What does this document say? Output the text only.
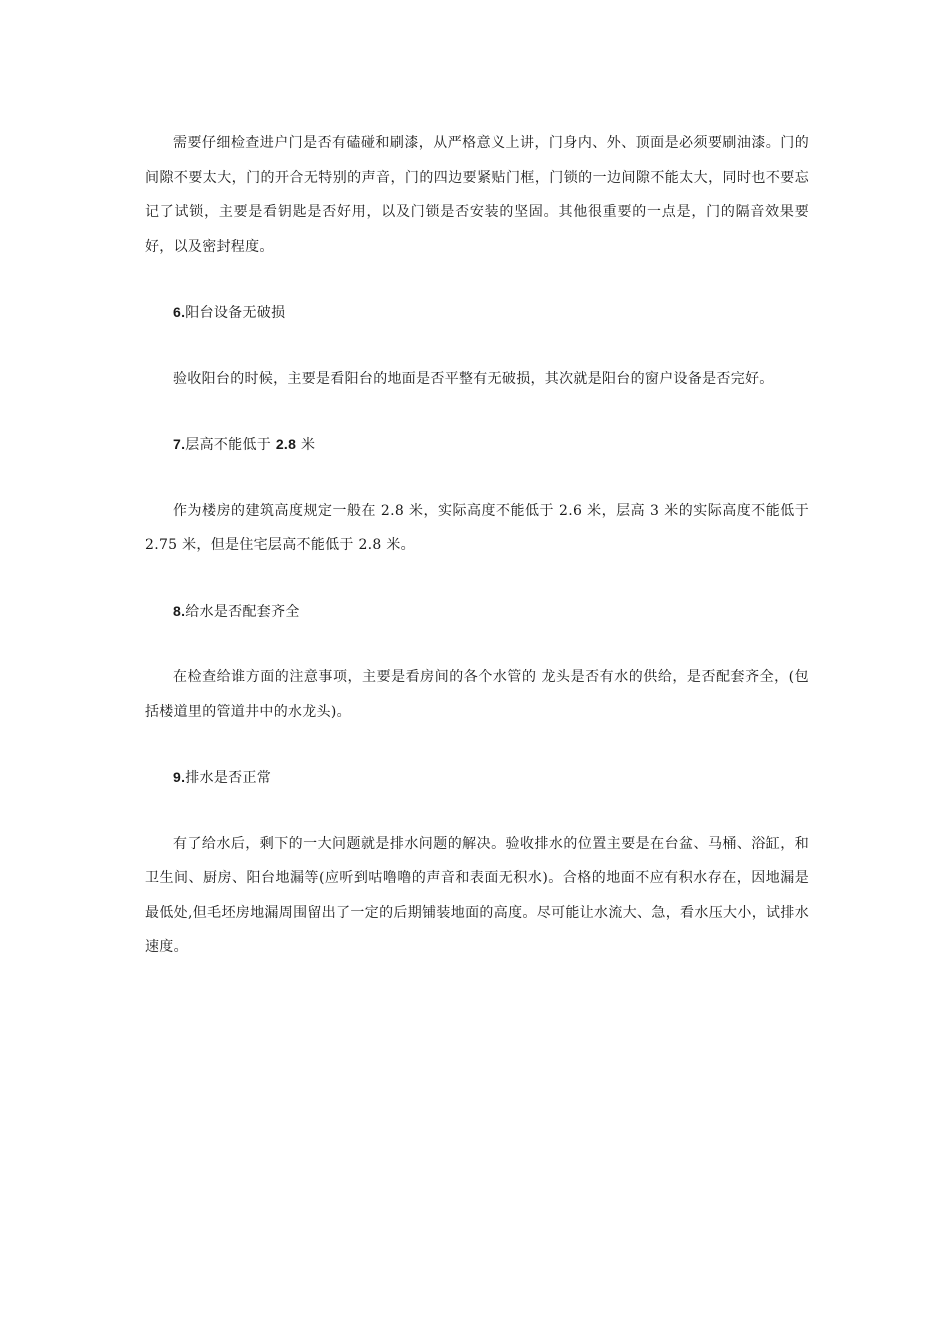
需要仔细检查进户门是否有磕碰和刷漆，从严格意义上讲，门身内、外、顶面是必须要刷油漆。门的间隙不要太大，门的开合无特别的声音，门的四边要紧贴门框，门锁的一边间隙不能太大，同时也不要忘记了试锁，主要是看钥匙是否好用，以及门锁是否安装的坚固。其他很重要的一点是，门的隔音效果要好，以及密封程度。

6.阳台设备无破损

验收阳台的时候，主要是看阳台的地面是否平整有无破损，其次就是阳台的窗户设备是否完好。

7.层高不能低于 2.8 米

作为楼房的建筑高度规定一般在 2.8 米，实际高度不能低于 2.6 米，层高 3 米的实际高度不能低于 2.75 米，但是住宅层高不能低于 2.8 米。

8.给水是否配套齐全

在检查给谁方面的注意事项，主要是看房间的各个水管的 龙头是否有水的供给，是否配套齐全，(包括楼道里的管道井中的水龙头)。

9.排水是否正常

有了给水后，剩下的一大问题就是排水问题的解决。验收排水的位置主要是在台盆、马桶、浴缸，和卫生间、厨房、阳台地漏等(应听到咕噜噜的声音和表面无积水)。合格的地面不应有积水存在，因地漏是最低处,但毛坯房地漏周围留出了一定的后期铺装地面的高度。尽可能让水流大、急，看水压大小，试排水速度。
